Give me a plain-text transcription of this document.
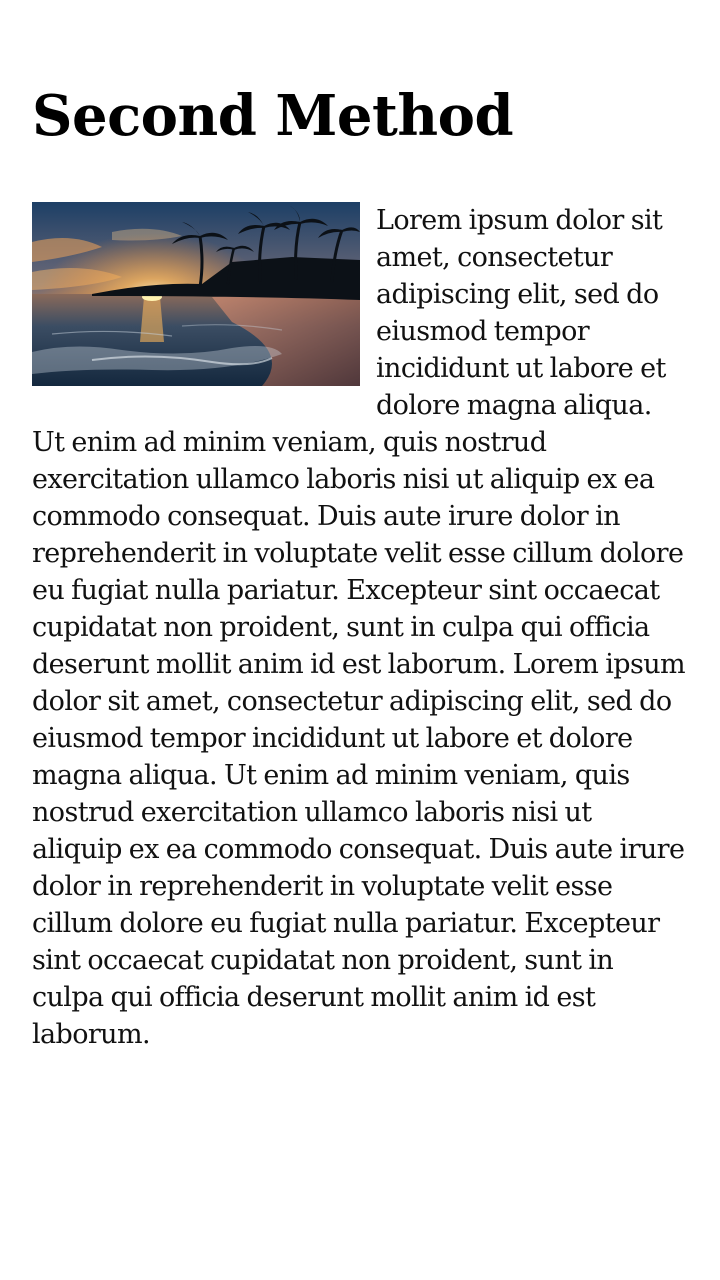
Second Method
Lorem ipsum dolor sit amet, consectetur adipiscing elit, sed do eiusmod tempor incididunt ut labore et dolore magna aliqua. Ut enim ad minim veniam, quis nostrud exercitation ullamco laboris nisi ut aliquip ex ea commodo consequat. Duis aute irure dolor in reprehenderit in voluptate velit esse cillum dolore eu fugiat nulla pariatur. Excepteur sint occaecat cupidatat non proident, sunt in culpa qui officia deserunt mollit anim id est laborum. Lorem ipsum dolor sit amet, consectetur adipiscing elit, sed do eiusmod tempor incididunt ut labore et dolore magna aliqua. Ut enim ad minim veniam, quis nostrud exercitation ullamco laboris nisi ut aliquip ex ea commodo consequat. Duis aute irure dolor in reprehenderit in voluptate velit esse cillum dolore eu fugiat nulla pariatur. Excepteur sint occaecat cupidatat non proident, sunt in culpa qui officia deserunt mollit anim id est laborum.
